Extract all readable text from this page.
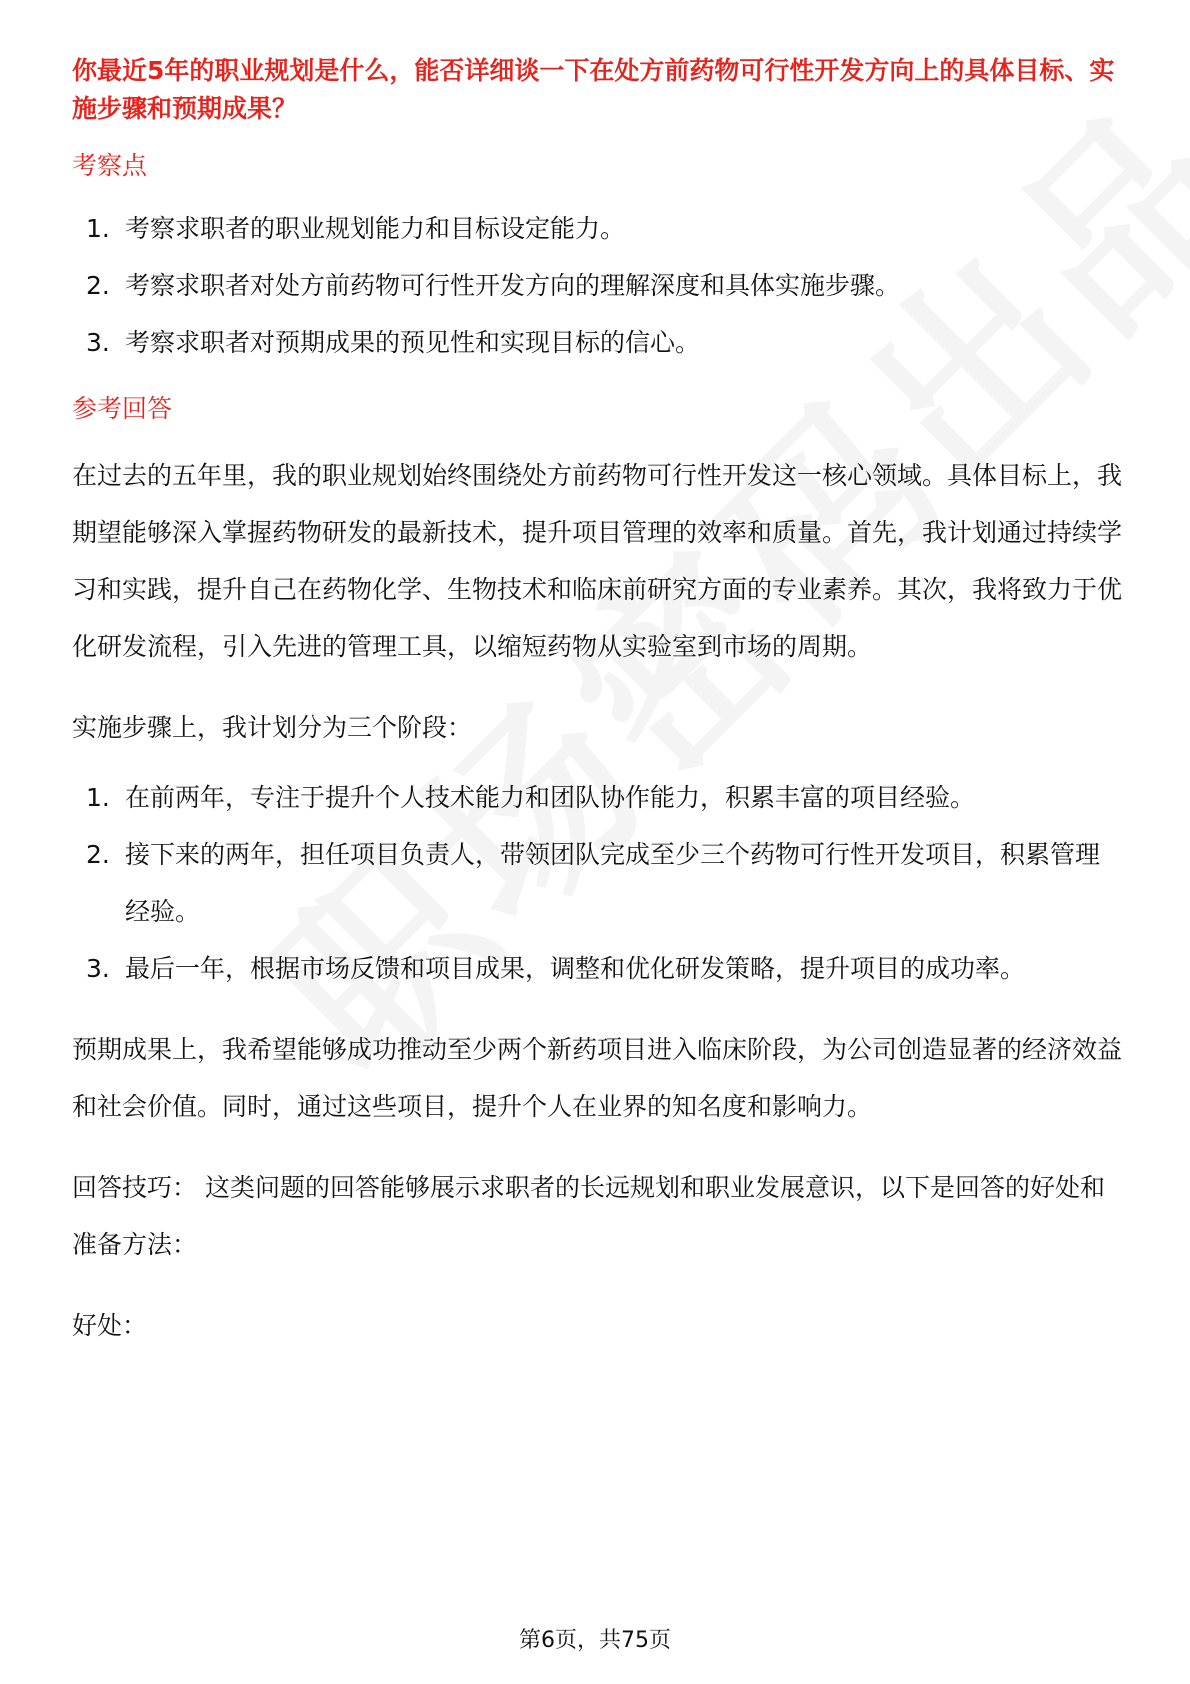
你最近5年的职业规划是什么，能否详细谈一下在处方前药物可行性开发方向上的具体目标、实施步骤和预期成果？

考察点
1. 考察求职者的职业规划能力和目标设定能力。
2. 考察求职者对处方前药物可行性开发方向的理解深度和具体实施步骤。
3. 考察求职者对预期成果的预见性和实现目标的信心。
参考回答

在过去的五年里，我的职业规划始终围绕处方前药物可行性开发这一核心领域。具体目标上，我期望能够深入掌握药物研发的最新技术，提升项目管理的效率和质量。首先，我计划通过持续学习和实践，提升自己在药物化学、生物技术和临床前研究方面的专业素养。其次，我将致力于优化研发流程，引入先进的管理工具，以缩短药物从实验室到市场的周期。

实施步骤上，我计划分为三个阶段：

1. 在前两年，专注于提升个人技术能力和团队协作能力，积累丰富的项目经验。
2. 接下来的两年，担任项目负责人，带领团队完成至少三个药物可行性开发项目，积累管理经验。
3. 最后一年，根据市场反馈和项目成果，调整和优化研发策略，提升项目的成功率。

预期成果上，我希望能够成功推动至少两个新药项目进入临床阶段，为公司创造显著的经济效益和社会价值。同时，通过这些项目，提升个人在业界的知名度和影响力。

回答技巧： 这类问题的回答能够展示求职者的长远规划和职业发展意识，以下是回答的好处和准备方法：

好处：

第6页，共75页
